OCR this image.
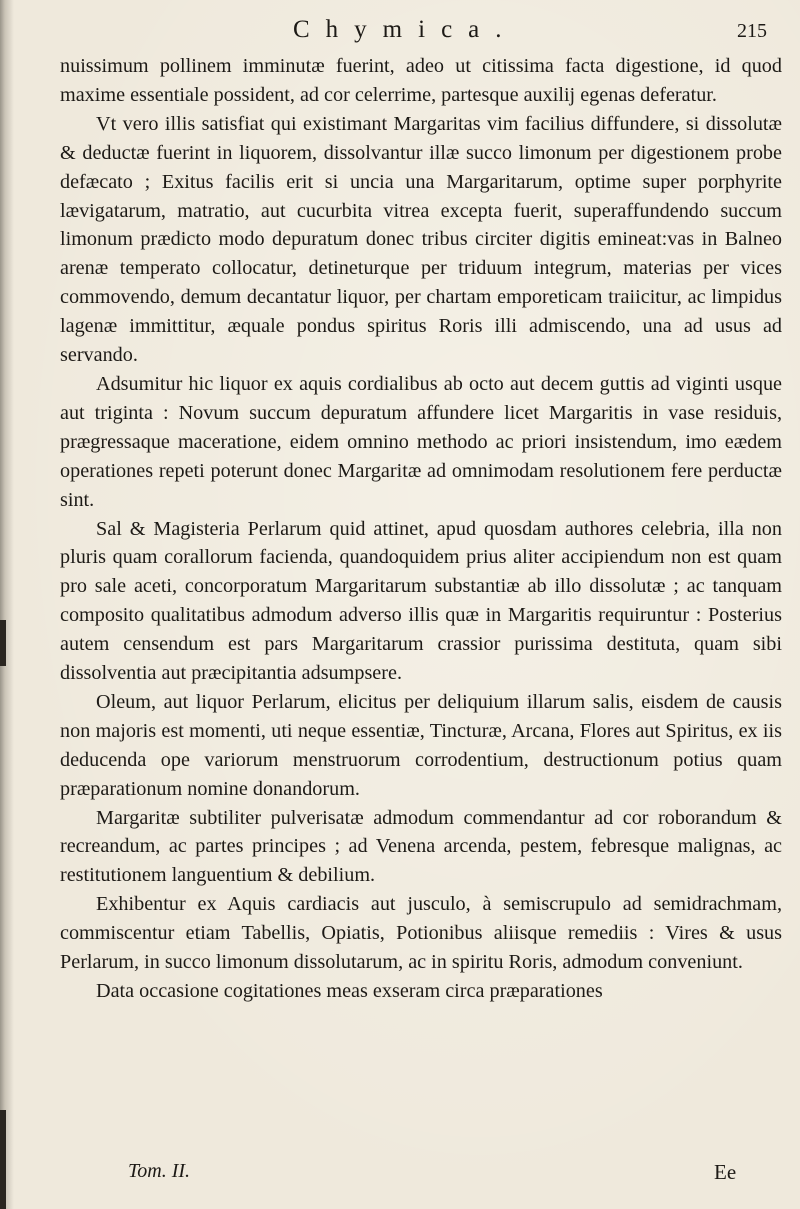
Chymica.	215

nuissimum pollinem imminutæ fuerint, adeo ut citissima facta digestione, id quod maxime essentiale possident, ad cor celerrime, partesque auxilij egenas deferatur.

Vt vero illis satisfiat qui existimant Margaritas vim facilius diffundere, si dissolutæ & deductæ fuerint in liquorem, dissolvantur illæ succo limonum per digestionem probe defæcato ; Exitus facilis erit si uncia una Margaritarum, optime super porphyrite lævigatarum, matratio, aut cucurbita vitrea excepta fuerit, superaffundendo succum limonum prædicto modo depuratum donec tribus circiter digitis emineat:vas in Balneo arenæ temperato collocatur, detineturque per triduum integrum, materias per vices commovendo, demum decantatur liquor, per chartam emporeticam traiicitur, ac limpidus lagenæ immittitur, æquale pondus spiritus Roris illi admiscendo, una ad usus ad servando.

Adsumitur hic liquor ex aquis cordialibus ab octo aut decem guttis ad viginti usque aut triginta : Novum succum depuratum affundere licet Margaritis in vase residuis, prægressaque maceratione, eidem omnino methodo ac priori insistendum, imo eædem operationes repeti poterunt donec Margaritæ ad omnimodam resolutionem fere perductæ sint.

Sal & Magisteria Perlarum quid attinet, apud quosdam authores celebria, illa non pluris quam corallorum facienda, quandoquidem prius aliter accipiendum non est quam pro sale aceti, concorporatum Margaritarum substantiæ ab illo dissolutæ ; ac tanquam composito qualitatibus admodum adverso illis quæ in Margaritis requiruntur : Posterius autem censendum est pars Margaritarum crassior purissima destituta, quam sibi dissolventia aut præcipitantia adsumpsere.

Oleum, aut liquor Perlarum, elicitus per deliquium illarum salis, eisdem de causis non majoris est momenti, uti neque essentiæ, Tincturæ, Arcana, Flores aut Spiritus, ex iis deducenda ope variorum menstruorum corrodentium, destructionum potius quam præparationum nomine donandorum.

Margaritæ subtiliter pulverisatæ admodum commendantur ad cor roborandum & recreandum, ac partes principes ; ad Venena arcenda, pestem, febresque malignas, ac restitutionem languentium & debilium.

Exhibentur ex Aquis cardiacis aut jusculo, à semiscrupulo ad semidrachmam, commiscentur etiam Tabellis, Opiatis, Potionibus aliisque remediis : Vires & usus Perlarum, in succo limonum dissolutarum, ac in spiritu Roris, admodum conveniunt.

Data occasione cogitationes meas exseram circa præparationes

Tom. II.	Ee
